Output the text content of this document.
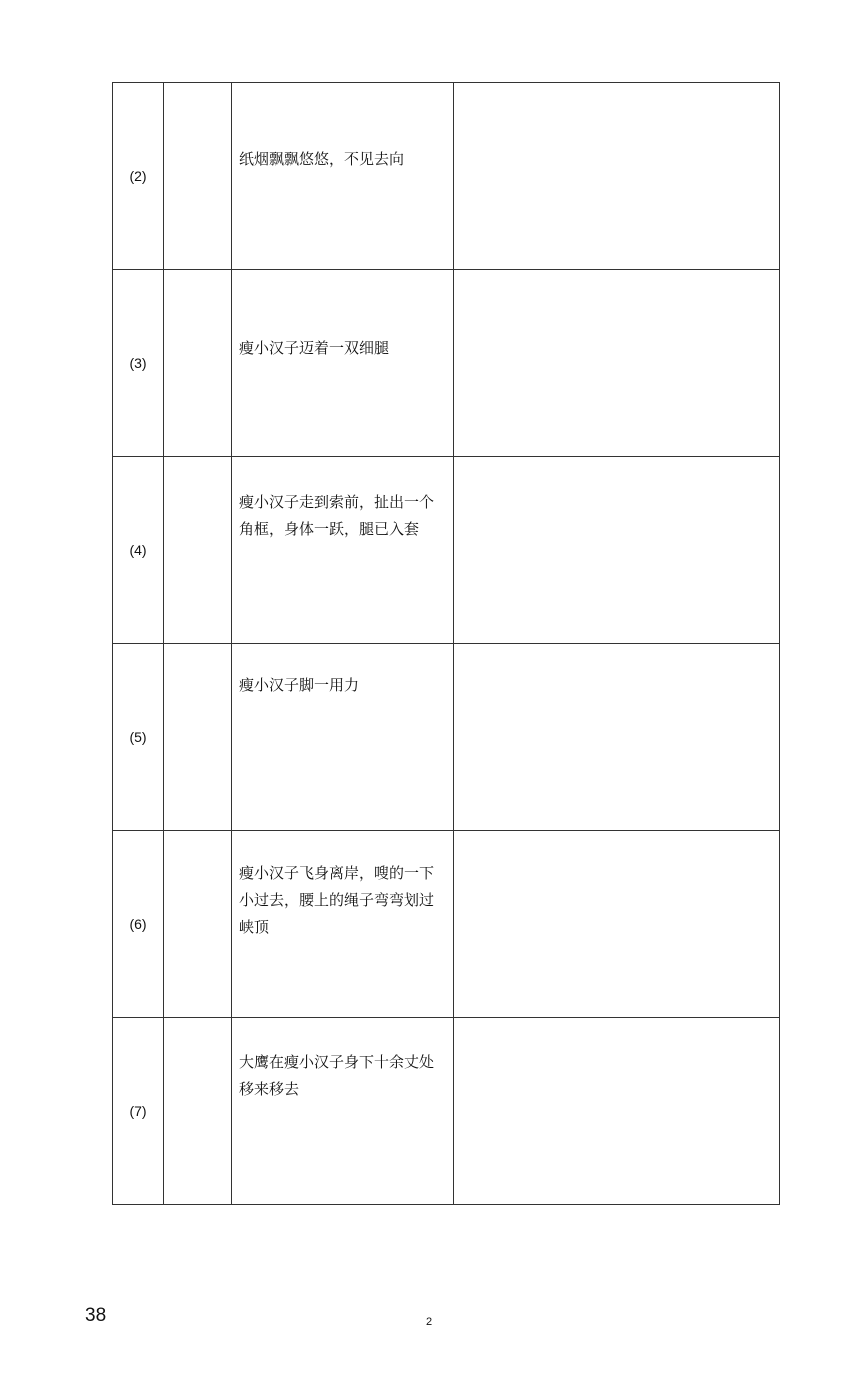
(2)		纸烟飘飘悠悠，不见去向	

(3)		瘦小汉子迈着一双细腿	

(4)		瘦小汉子走到索前，扯出一个角框，身体一跃，腿已入套	

(5)		瘦小汉子脚一用力	

(6)		瘦小汉子飞身离岸，嗖的一下小过去，腰上的绳子弯弯划过峡顶	

(7)		大鹰在瘦小汉子身下十余丈处移来移去	

38	2
